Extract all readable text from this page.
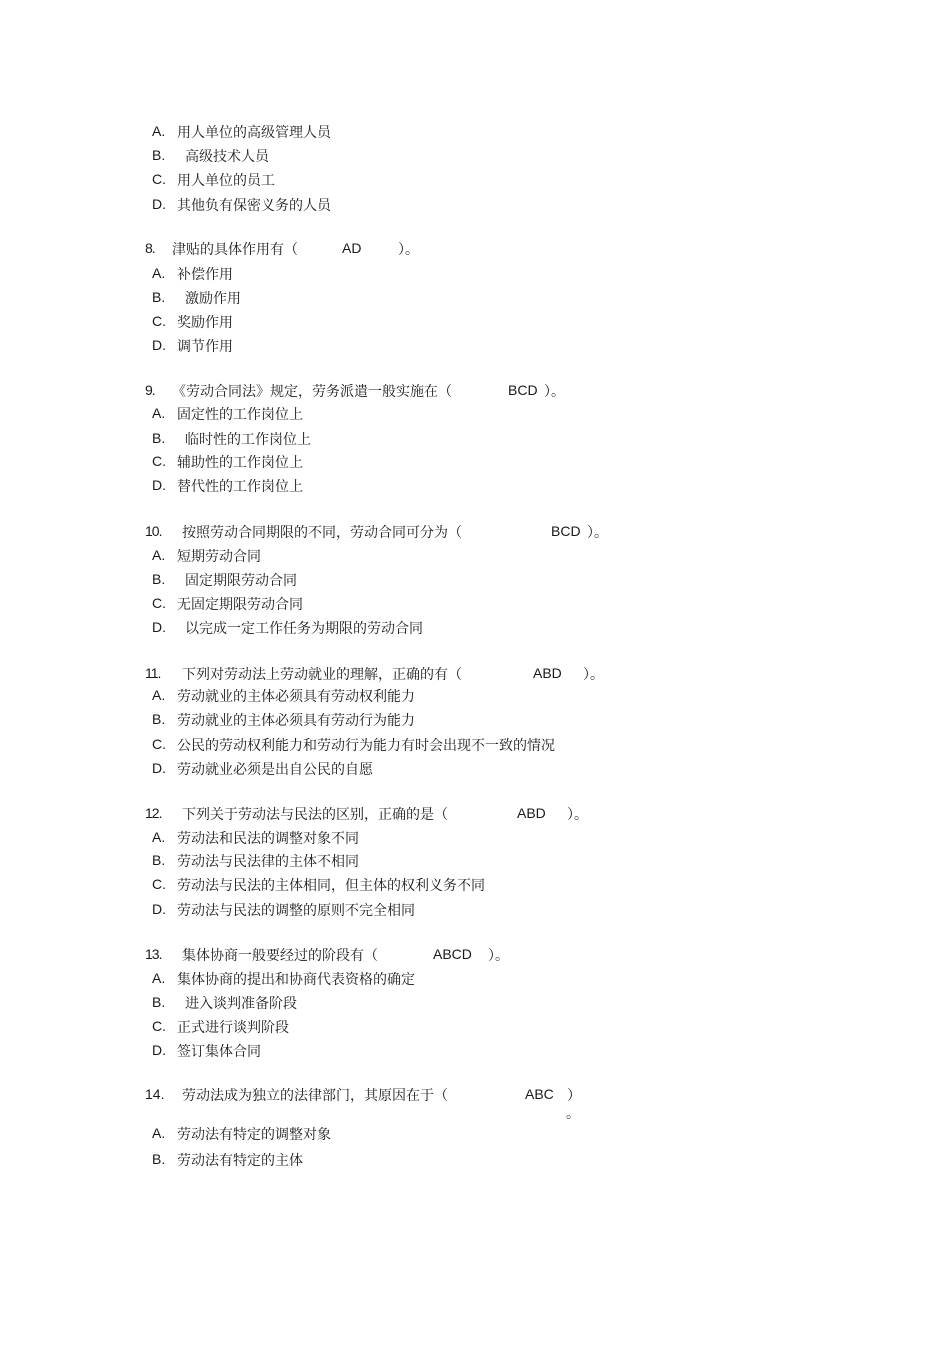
A. 用人单位的高级管理人员
B. 高级技术人员
C. 用人单位的员工
D. 其他负有保密义务的人员
8. 津贴的具体作用有（	AD	）。
A. 补偿作用
B. 激励作用
C. 奖励作用
D. 调节作用
9. 《劳动合同法》规定，劳务派遣一般实施在（	BCD ）。
A. 固定性的工作岗位上
B. 临时性的工作岗位上
C. 辅助性的工作岗位上
D. 替代性的工作岗位上
10. 按照劳动合同期限的不同，劳动合同可分为（	BCD ）。
A. 短期劳动合同
B. 固定期限劳动合同
C. 无固定期限劳动合同
D. 以完成一定工作任务为期限的劳动合同
11. 下列对劳动法上劳动就业的理解，正确的有（	ABD ）。
A. 劳动就业的主体必须具有劳动权利能力
B. 劳动就业的主体必须具有劳动行为能力
C. 公民的劳动权利能力和劳动行为能力有时会出现不一致的情况
D. 劳动就业必须是出自公民的自愿
12. 下列关于劳动法与民法的区别，正确的是（	ABD ）。
A. 劳动法和民法的调整对象不同
B. 劳动法与民法律的主体不相同
C. 劳动法与民法的主体相同，但主体的权利义务不同
D. 劳动法与民法的调整的原则不完全相同
13. 集体协商一般要经过的阶段有（	ABCD ）。
A. 集体协商的提出和协商代表资格的确定
B. 进入谈判准备阶段
C. 正式进行谈判阶段
D. 签订集体合同
14. 劳动法成为独立的法律部门，其原因在于（	ABC ）
。
A. 劳动法有特定的调整对象
B. 劳动法有特定的主体
